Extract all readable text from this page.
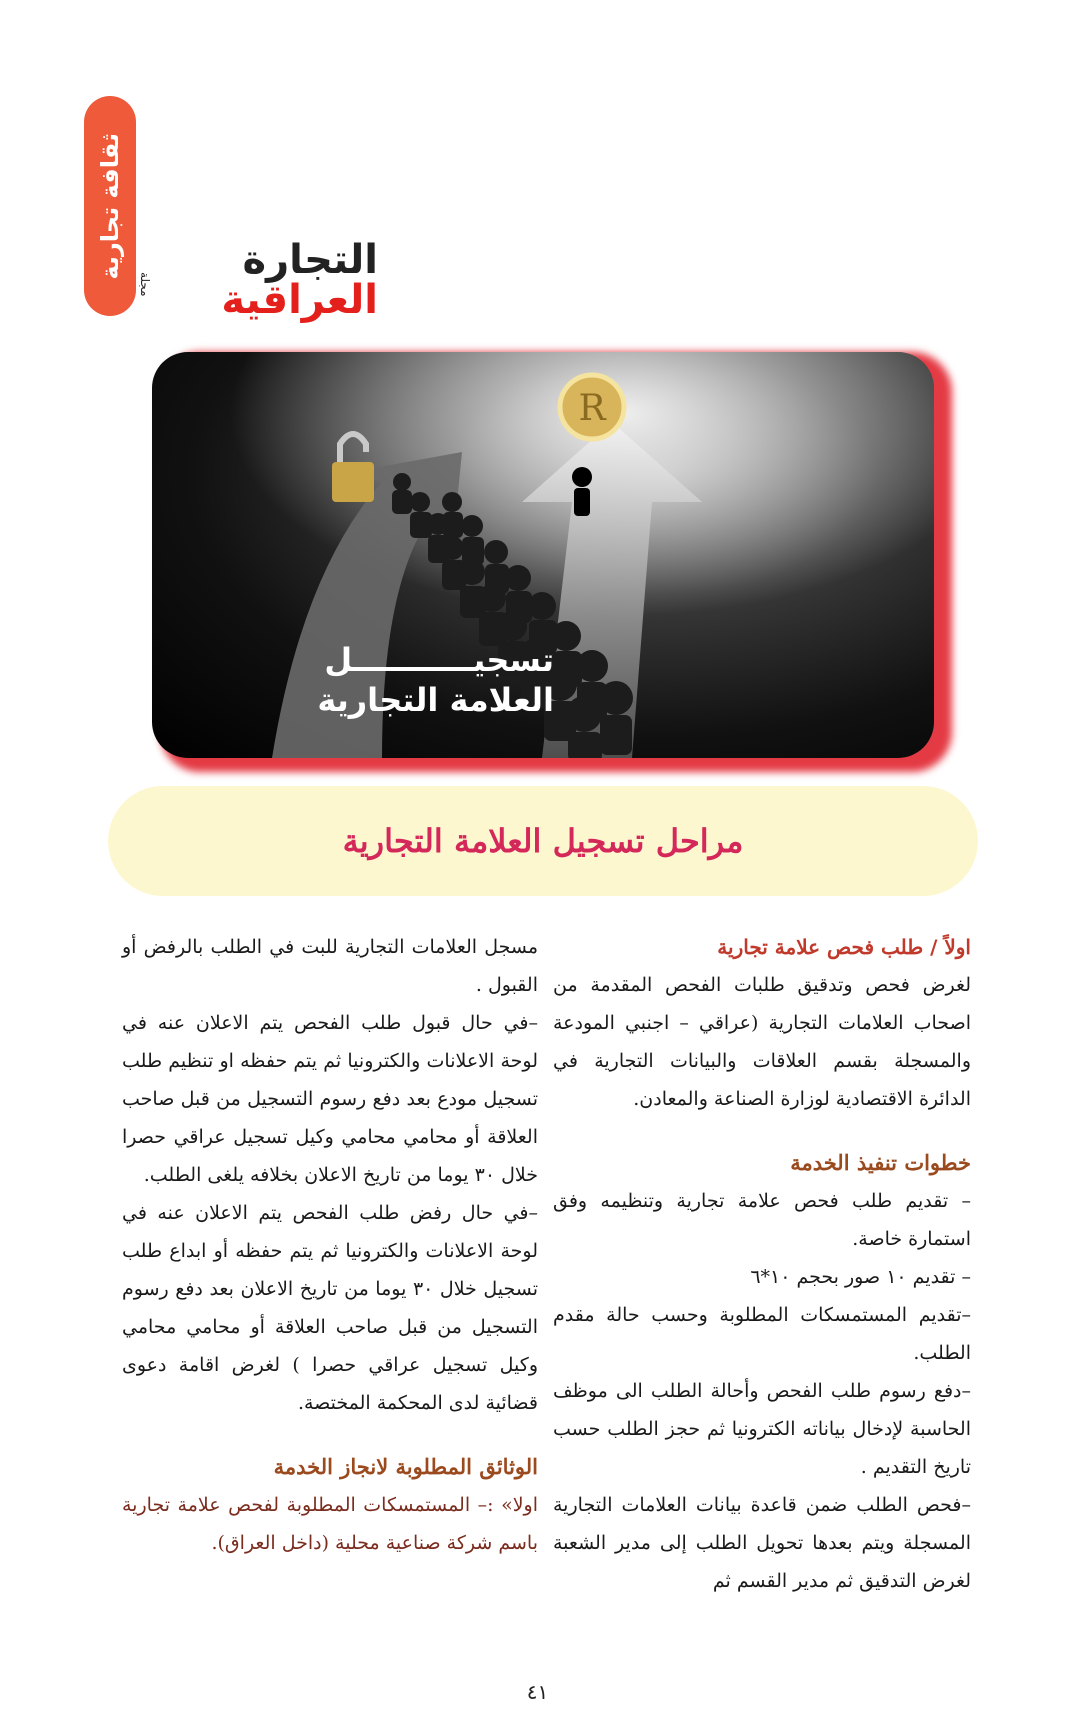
ثقافة تجارية	التجارة العراقية
مجلة
R
تسجيـــــــــــل
العلامة التجارية
مراحل تسجيل العلامة التجارية

اولاً / طلب فحص علامة تجارية

لغرض فحص وتدقيق طلبات الفحص المقدمة من اصحاب العلامات التجارية (عراقي – اجنبي المودعة والمسجلة بقسم العلاقات والبيانات التجارية في الدائرة الاقتصادية لوزارة الصناعة والمعادن.

خطوات تنفيذ الخدمة

– تقديم طلب فحص علامة تجارية وتنظيمه وفق استمارة خاصة.

– تقديم ١٠ صور بحجم ١٠*٦

–تقديم المستمسكات المطلوبة وحسب حالة مقدم الطلب.

–دفع رسوم طلب الفحص وأحالة الطلب الى موظف الحاسبة لإدخال بياناته الكترونيا ثم حجز الطلب حسب تاريخ التقديم .

–فحص الطلب ضمن قاعدة بيانات العلامات التجارية المسجلة ويتم بعدها تحويل الطلب إلى مدير الشعبة لغرض التدقيق ثم مدير القسم ثم

مسجل العلامات التجارية للبت في الطلب بالرفض أو القبول .

–في حال قبول طلب الفحص يتم الاعلان عنه في لوحة الاعلانات والكترونيا ثم يتم حفظه او تنظيم طلب تسجيل مودع بعد دفع رسوم التسجيل من قبل صاحب العلاقة أو محامي محامي وكيل تسجيل عراقي حصرا خلال ٣٠ يوما من تاريخ الاعلان بخلافه يلغى الطلب.

–في حال رفض طلب الفحص يتم الاعلان عنه في لوحة الاعلانات والكترونيا ثم يتم حفظه أو ابداع طلب تسجيل خلال ٣٠ يوما من تاريخ الاعلان بعد دفع رسوم التسجيل من قبل صاحب العلاقة أو محامي محامي وكيل تسجيل عراقي حصرا ) لغرض اقامة دعوى قضائية لدى المحكمة المختصة.

الوثائق المطلوبة لانجاز الخدمة

اولا» :– المستمسكات المطلوبة لفحص علامة تجارية باسم شركة صناعية محلية (داخل العراق).

٤١
